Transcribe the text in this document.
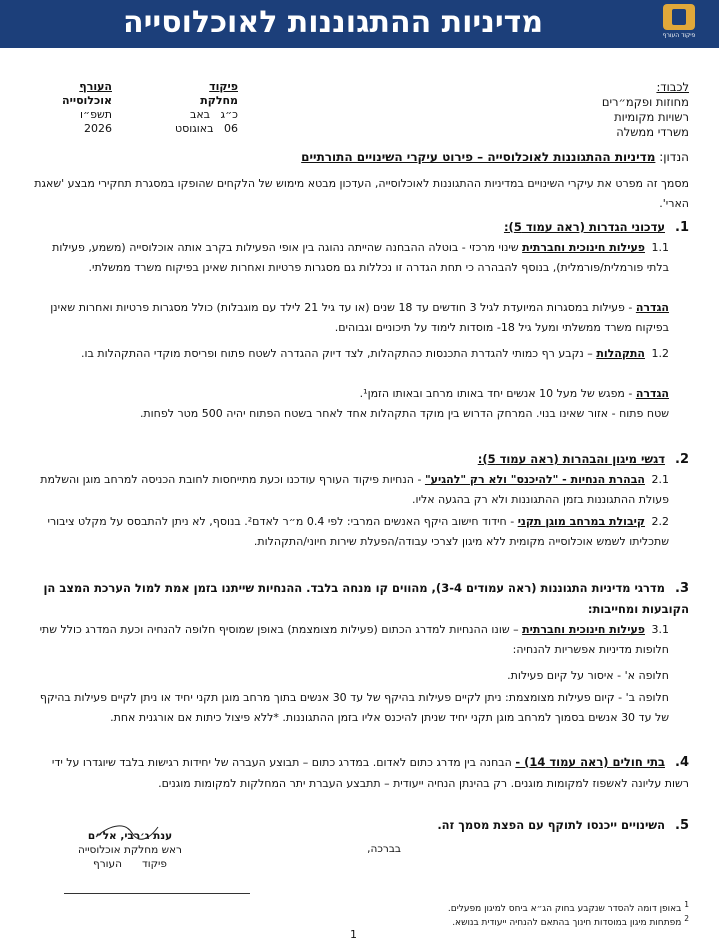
פיקוד העורף
מדיניות ההתגוננות לאוכלוסייה
העורף
אוכלוסייה
תשפ״ו
2026
פיקוד
מחלקת
כ״ג   באב
06   באוגוסט
לכבוד:
מחוזות ופקמ״רים
רשויות מקומיות
משרדי ממשלה
הנדון: מדיניות ההתגוננות לאוכלוסייה – פירוט עיקרי השינויים התורתיים
מסמך זה מפרט את עיקרי השינויים במדיניות ההתגוננות לאוכלוסייה, העדכון מבטא מימוש של הלקחים שהופקו במסגרת תחקירי מבצע 'שאגת הארי'.
1.עדכוני הגדרות (ראה עמוד 5):
1.1פעילות חינוכית וחברתית שינוי מרכזי - בוטלה ההבחנה שהייתה נהוגה בין אופי הפעילות בקרב אותה אוכלוסייה (משמע, פעילות בלתי פורמלית/פורמלית), בנוסף להבהרה כי תחת הגדרה זו נכללות גם מסגרות פרטיות ואחרות שאינן בפיקוח משרד ממשלתי.
הגדרה - פעילות במסגרות המיועדת לגיל 3 חודשים עד 18 שנים (או עד גיל 21 לילד עם מוגבלות) כולל מסגרות פרטיות ואחרות שאינן בפיקוח משרד ממשלתי ומעל גיל 18- מוסדות לימוד על תיכוניים וגבוהים.
1.2התקהלות – נקבע רף כמותי להגדרת התכנסות כהתקהלות, לצד דיוק ההגדרה לשטח פתוח ופריסת מוקדי ההתקהלות בו.
הגדרה - מפגש של מעל 10 אנשים יחד באותו מרחב ובאותו הזמן¹.
שטח פתוח - אזור שאינו בנוי. המרחק הדרוש בין מוקד התקהלות אחד לאחר בשטח הפתוח יהיה 500 מטר לפחות.
2.דגשי מיגון והבהרות (ראה עמוד 5):
2.1הבהרת הנחיות - "להיכנס" ולא רק "להגיע" - הנחיות פיקוד העורף עודכנו וכעת מתייחסות לחובת הכניסה למרחב מוגן והשלמת פעולת ההתגוננות בזמן ההתגוננות ולא רק בהגעה אליו.
2.2קיבולת במרחב מוגן תקני - חידוד חישוב היקף האנשים המרבי: לפי 0.4 מ״ר לאדם². בנוסף, לא ניתן להתבסס על מקלט ציבורי שתכליתו לשמש אוכלוסייה מקומית ללא מיגון לצרכי עבודה/הפעלת שירות חיוני/התקהלות.
3.מדרגי מדיניות התגוננות (ראה עמודים 3-4), מהווים קו מנחה בלבד. ההנחיות שייתנו בזמן אמת למול הערכת המצב הן הקובעות ומחייבות:
3.1פעילות חינוכית וחברתית – שונו ההנחיות למדרג הכתום (פעילות מצומצמת) באופן שמוסיף חלופה להנחיה וכעת המדרג כולל שתי חלופות מדיניות אפשריות להנחיה:
חלופה א' - איסור על קיום פעילות.
חלופה ב' - קיום פעילות מצומצמת: ניתן לקיים פעילות בהיקף של עד 30 אנשים בתוך מרחב מוגן תקני יחיד או ניתן לקיים פעילות בהיקף של עד 30 אנשים בסמוך למרחב מוגן תקני יחיד שניתן להיכנס אליו בזמן ההתגוננות. *ללא פיצול כיתות אם אורגנית אחת.
4.בתי חולים (ראה עמוד 14) - הבחנה בין מדרג כתום לאדום. במדרג כתום – תבוצע העברה של יחידות רגישות בלבד שיוגדרו על ידי רשות עליונה לאשפוז למקומות מוגנים. רק בהינתן הנחיה ייעודית – תתבצע העברת יתר המחלקות למקומות מוגנים.
5.השינויים ייכנסו לתוקף עם הפצת מסמך זה.
בברכה,
ענת ג׳רבי, אל״ם
ראש מחלקת אוכלוסייה
פיקוד      העורף
$^1$ באופן דומה להסדר שנקבע בחוק הג״א ביחס למיגון מפעלים.
$^2$ מפתחות מיגון במוסדות חינוך בהתאם להנחיה ייעודית בנושא.
1
